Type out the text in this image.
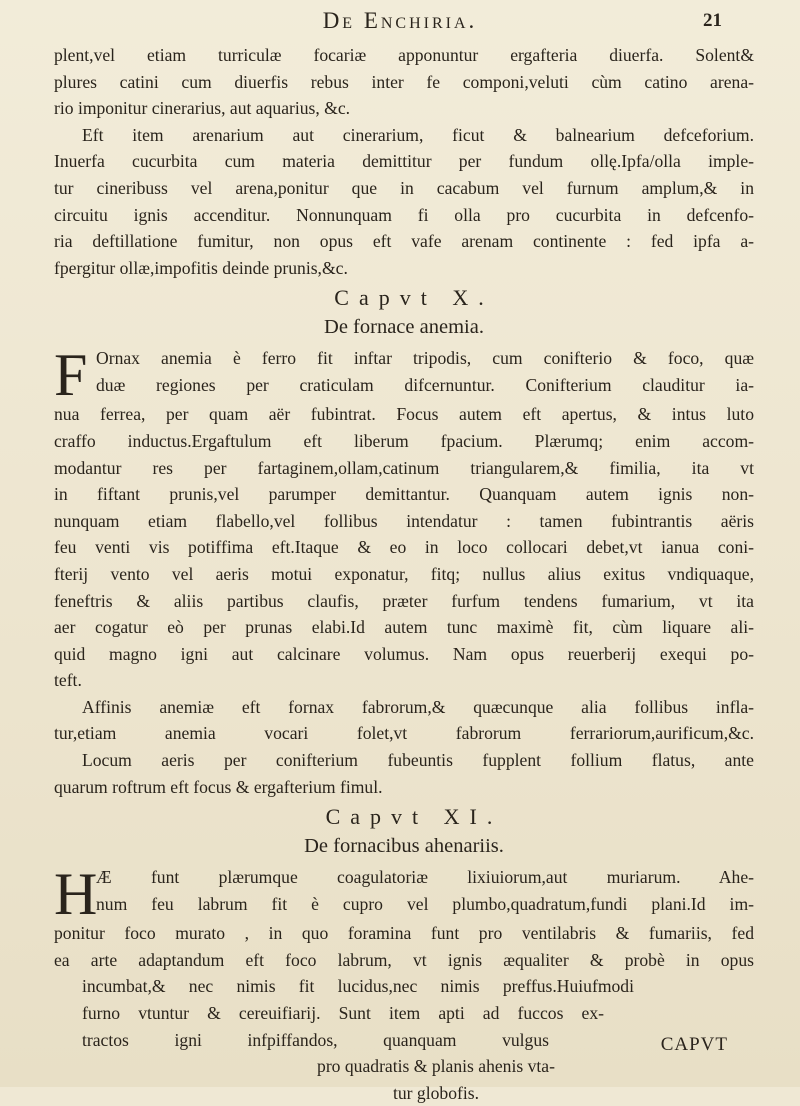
De Enchiria.	21
plent,vel etiam turriculæ focariæ apponuntur ergafteria diuerfa. Solent&
plures catini cum diuerfis rebus inter fe componi,veluti cùm catino arena-
rio imponitur cinerarius, aut aquarius, &c.
Eft item arenarium aut cinerarium, ficut & balnearium defceforium.
Inuerfa cucurbita cum materia demittitur per fundum ollę.Ipfa/olla imple-
tur cineribuss vel arena,ponitur que in cacabum vel furnum amplum,& in
circuitu ignis accenditur. Nonnunquam fi olla pro cucurbita in defcenfo-
ria deftillatione fumitur, non opus eft vafe arenam continente : fed ipfa a-
fpergitur ollæ,impofitis deinde prunis,&c.
Capvt X.
De fornace anemia.
F Ornax anemia è ferro fit inftar tripodis, cum conifterio & foco, quæ
duæ regiones per craticulam difcernuntur. Conifterium clauditur ia-
nua ferrea, per quam aër fubintrat. Focus autem eft apertus, & intus luto
craffo inductus.Ergaftulum eft liberum fpacium. Plærumq; enim accom-
modantur res per fartaginem,ollam,catinum triangularem,& fimilia, ita vt
in fiftant prunis,vel parumper demittantur. Quanquam autem ignis non-
nunquam etiam flabello,vel follibus intendatur : tamen fubintrantis aëris
feu venti vis potiffima eft.Itaque & eo in loco collocari debet,vt ianua coni-
fterij vento vel aeris motui exponatur, fitq; nullus alius exitus vndiquaque,
feneftris & aliis partibus claufis, præter furfum tendens fumarium, vt ita
aer cogatur eò per prunas elabi.Id autem tunc maximè fit, cùm liquare ali-
quid magno igni aut calcinare volumus. Nam opus reuerberij exequi po-
teft.
Affinis anemiæ eft fornax fabrorum,& quæcunque alia follibus infla-
tur,etiam anemia vocari folet,vt fabrorum ferrariorum,aurificum,&c.
Locum aeris per conifterium fubeuntis fupplent follium flatus, ante
quarum roftrum eft focus & ergafterium fimul.
Capvt XI.
De fornacibus ahenariis.
H
Æ funt plærumque coagulatoriæ lixiuiorum,aut muriarum. Ahe-
num feu labrum fit è cupro vel plumbo,quadratum,fundi plani.Id im-
ponitur foco murato , in quo foramina funt pro ventilabris & fumariis, fed
ea arte adaptandum eft foco labrum, vt ignis æqualiter & probè in opus
incumbat,& nec nimis fit lucidus,nec nimis preffus.Huiufmodi
furno vtuntur & cereuifiarij. Sunt item apti ad fuccos ex-
tractos igni infpiffandos, quanquam vulgus
pro quadratis & planis ahenis vta-
tur globofis.
CAPVT
